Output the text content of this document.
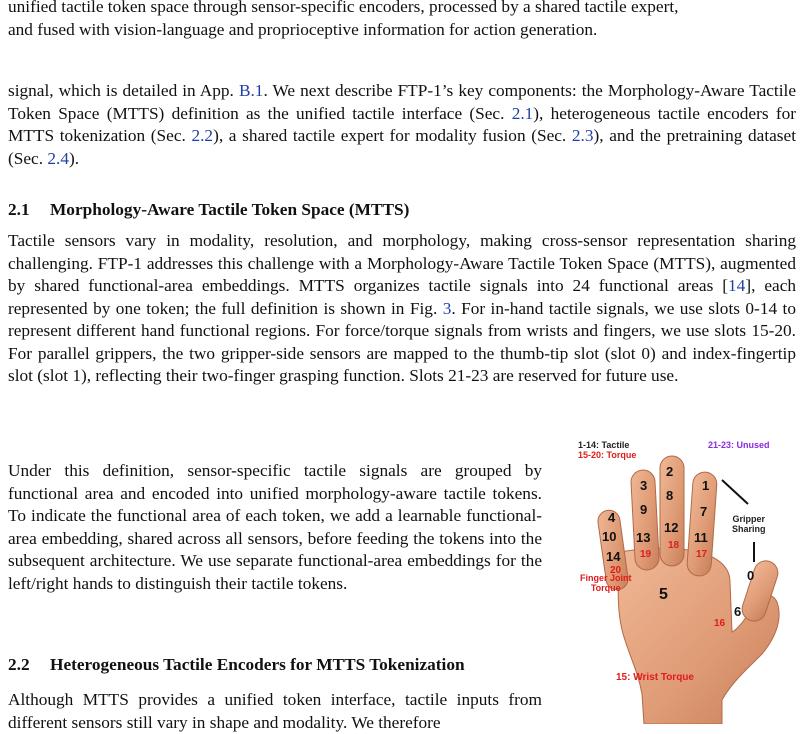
unified tactile token space through sensor-specific encoders, processed by a shared tactile expert,
and fused with vision-language and proprioceptive information for action generation.

signal, which is detailed in App. B.1. We next describe FTP-1’s key components: the Morphology-Aware Tactile Token Space (MTTS) definition as the unified tactile interface (Sec. 2.1), heterogeneous tactile encoders for MTTS tokenization (Sec. 2.2), a shared tactile expert for modality fusion (Sec. 2.3), and the pretraining dataset (Sec. 2.4).

2.1 Morphology-Aware Tactile Token Space (MTTS)

Tactile sensors vary in modality, resolution, and morphology, making cross-sensor representation sharing challenging. FTP-1 addresses this challenge with a Morphology-Aware Tactile Token Space (MTTS), augmented by shared functional-area embeddings. MTTS organizes tactile signals into 24 functional areas [14], each represented by one token; the full definition is shown in Fig. 3. For in-hand tactile signals, we use slots 0-14 to represent different hand functional regions. For force/torque signals from wrists and fingers, we use slots 15-20. For parallel grippers, the two gripper-side sensors are mapped to the thumb-tip slot (slot 0) and index-fingertip slot (slot 1), reflecting their two-finger grasping function. Slots 21-23 are reserved for future use.

Under this definition, sensor-specific tactile signals are grouped by functional area and encoded into unified morphology-aware tactile tokens. To indicate the functional area of each token, we add a learnable functional-area embedding, shared across all sensors, before feeding the tokens into the subsequent architecture. We use separate functional-area embeddings for the left/right hands to distinguish their tactile tokens.

2.2 Heterogeneous Tactile Encoders for MTTS Tokenization

Although MTTS provides a unified token interface, tactile inputs from different sensors still vary in shape and modality. We therefore

1-14: Tactile
15-20: Torque
21-23: Unused
Gripper
Sharing
Finger Joint
Torque
15: Wrist Torque
0
1
2
3
4
5
6
7
8
9
10	11
12
13
14
16
17
18
19
20
